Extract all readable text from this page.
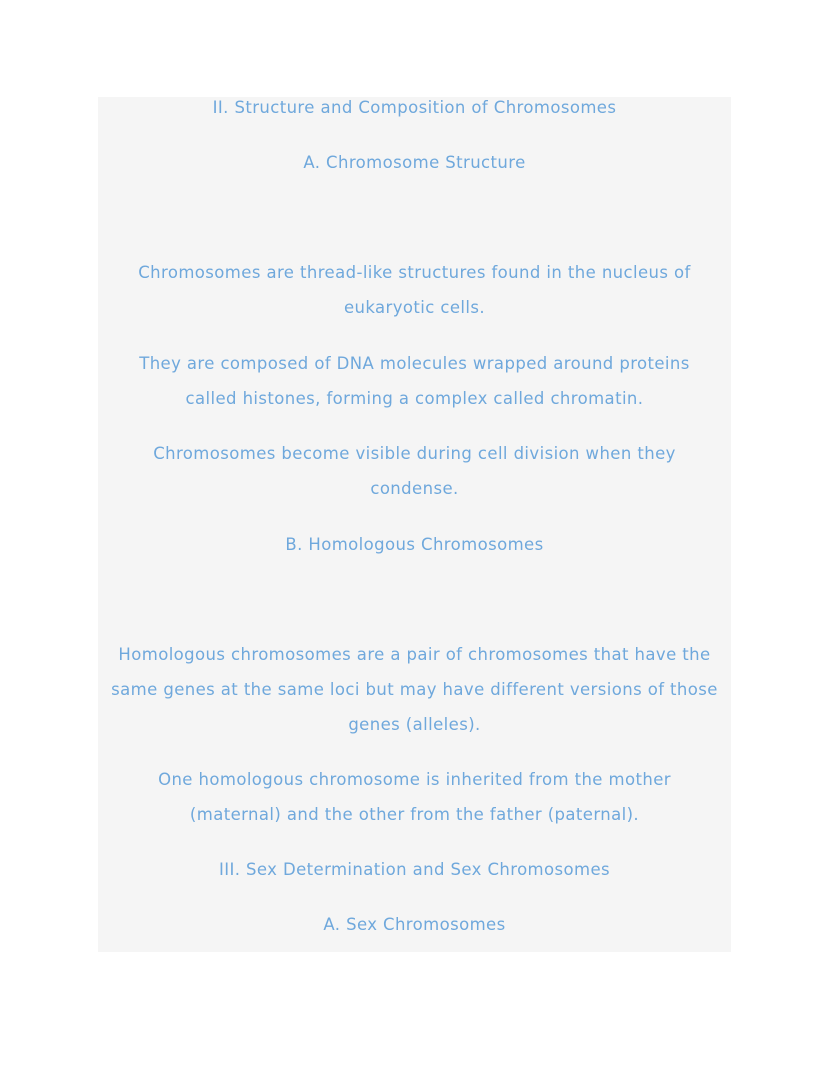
II. Structure and Composition of Chromosomes
A. Chromosome Structure
Chromosomes are thread-like structures found in the nucleus of eukaryotic cells.
They are composed of DNA molecules wrapped around proteins called histones, forming a complex called chromatin.
Chromosomes become visible during cell division when they condense.
B. Homologous Chromosomes
Homologous chromosomes are a pair of chromosomes that have the same genes at the same loci but may have different versions of those genes (alleles).
One homologous chromosome is inherited from the mother (maternal) and the other from the father (paternal).
III. Sex Determination and Sex Chromosomes
A. Sex Chromosomes
